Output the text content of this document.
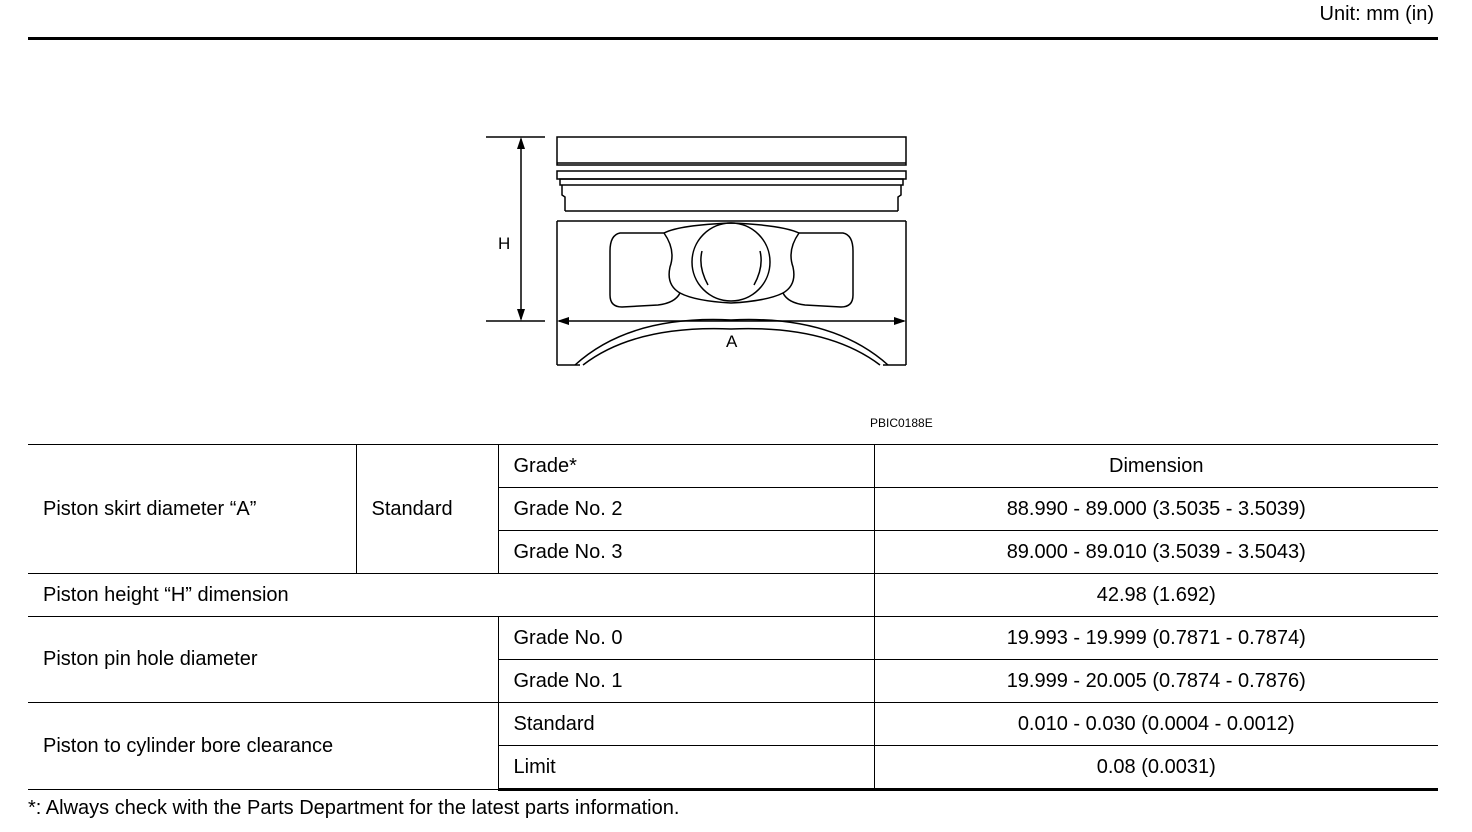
Unit: mm (in)
H
A
PBIC0188E
Piston skirt diameter “A”	Standard	Grade*	Dimension
		Grade No. 2	88.990 - 89.000 (3.5035 - 3.5039)
		Grade No. 3	89.000 - 89.010 (3.5039 - 3.5043)
Piston height “H” dimension			42.98 (1.692)
Piston pin hole diameter		Grade No. 0	19.993 - 19.999 (0.7871 - 0.7874)
		Grade No. 1	19.999 - 20.005 (0.7874 - 0.7876)
Piston to cylinder bore clearance		Standard	0.010 - 0.030 (0.0004 - 0.0012)
		Limit	0.08 (0.0031)
*: Always check with the Parts Department for the latest parts information.
